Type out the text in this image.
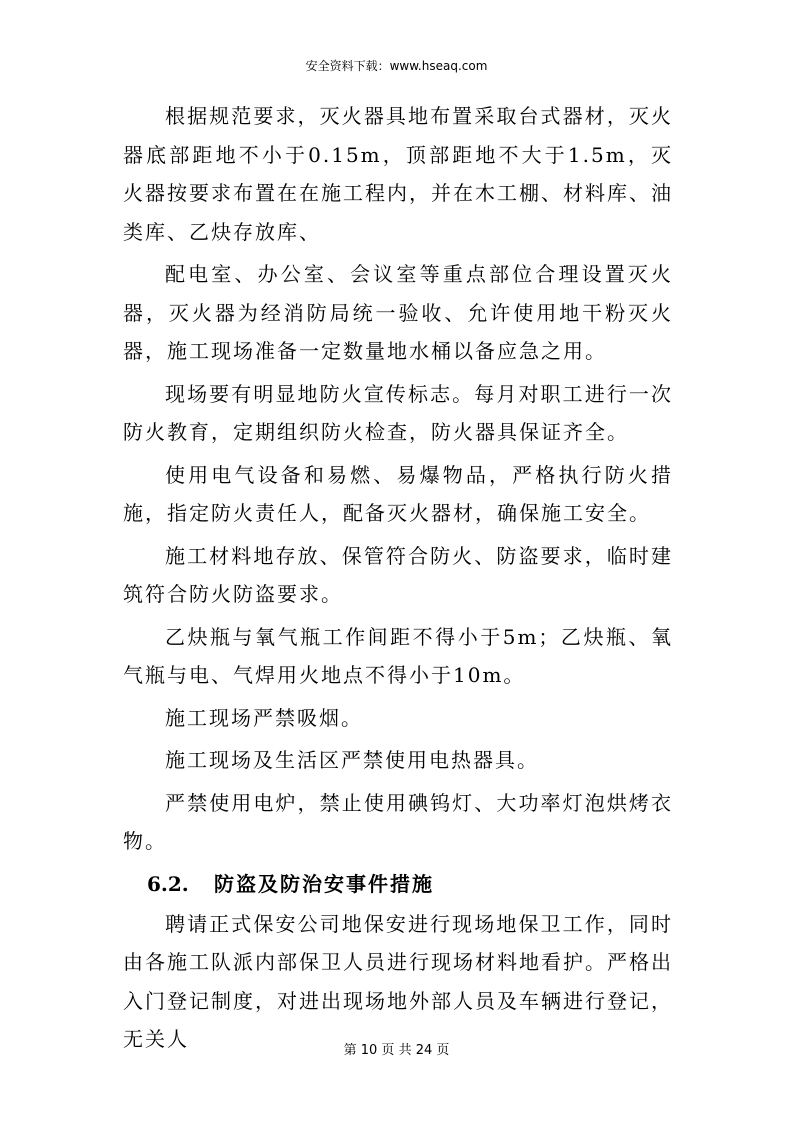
安全资料下载：www.hseaq.com

根据规范要求，灭火器具地布置采取台式器材，灭火器底部距地不小于0.15m，顶部距地不大于1.5m，灭火器按要求布置在在施工程内，并在木工棚、材料库、油类库、乙炔存放库、

配电室、办公室、会议室等重点部位合理设置灭火器，灭火器为经消防局统一验收、允许使用地干粉灭火器，施工现场准备一定数量地水桶以备应急之用。

现场要有明显地防火宣传标志。每月对职工进行一次防火教育，定期组织防火检查，防火器具保证齐全。

使用电气设备和易燃、易爆物品，严格执行防火措施，指定防火责任人，配备灭火器材，确保施工安全。

施工材料地存放、保管符合防火、防盗要求，临时建筑符合防火防盗要求。

乙炔瓶与氧气瓶工作间距不得小于5m；乙炔瓶、氧气瓶与电、气焊用火地点不得小于10m。

施工现场严禁吸烟。

施工现场及生活区严禁使用电热器具。

严禁使用电炉，禁止使用碘钨灯、大功率灯泡烘烤衣物。

6.2.	防盗及防治安事件措施

聘请正式保安公司地保安进行现场地保卫工作，同时由各施工队派内部保卫人员进行现场材料地看护。严格出入门登记制度，对进出现场地外部人员及车辆进行登记，无关人	第 10 页 共 24 页
